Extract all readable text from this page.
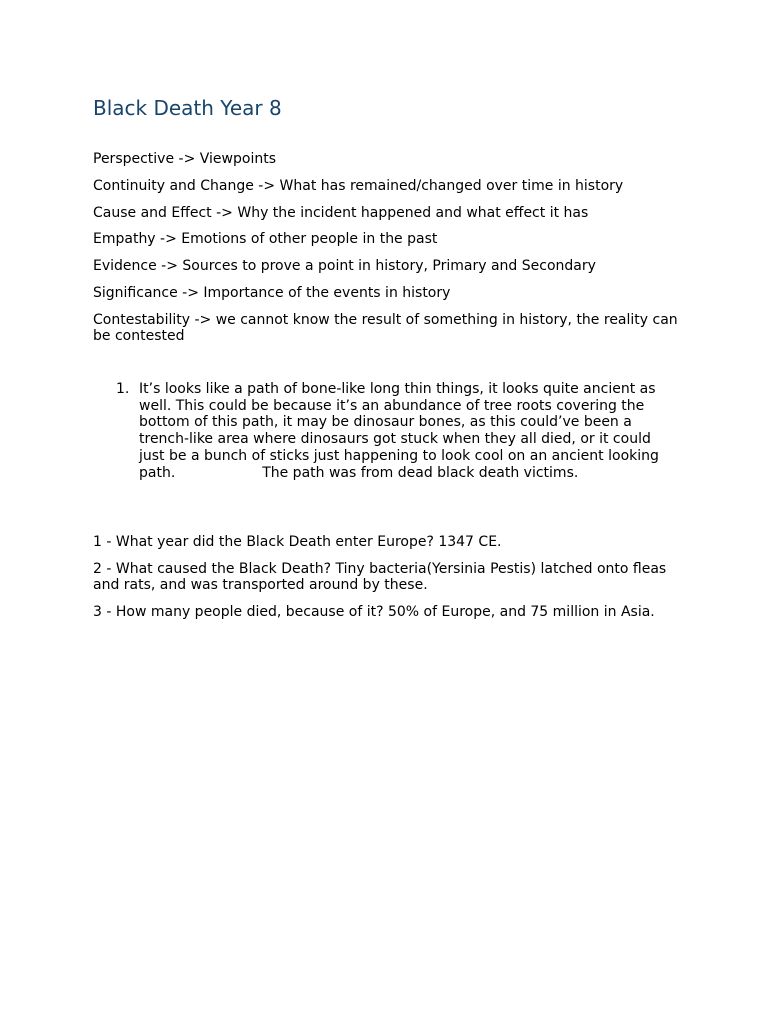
Black Death Year 8

Perspective -> Viewpoints

Continuity and Change -> What has remained/changed over time in history

Cause and Effect -> Why the incident happened and what effect it has

Empathy -> Emotions of other people in the past

Evidence -> Sources to prove a point in history, Primary and Secondary

Significance -> Importance of the events in history

Contestability -> we cannot know the result of something in history, the reality can be contested

1. It’s looks like a path of bone-like long thin things, it looks quite ancient as well. This could be because it’s an abundance of tree roots covering the bottom of this path, it may be dinosaur bones, as this could’ve been a trench-like area where dinosaurs got stuck when they all died, or it could just be a bunch of sticks just happening to look cool on an ancient looking path.	The path was from dead black death victims.

1 - What year did the Black Death enter Europe? 1347 CE.

2 - What caused the Black Death? Tiny bacteria(Yersinia Pestis) latched onto fleas and rats, and was transported around by these.

3 - How many people died, because of it? 50% of Europe, and 75 million in Asia.
